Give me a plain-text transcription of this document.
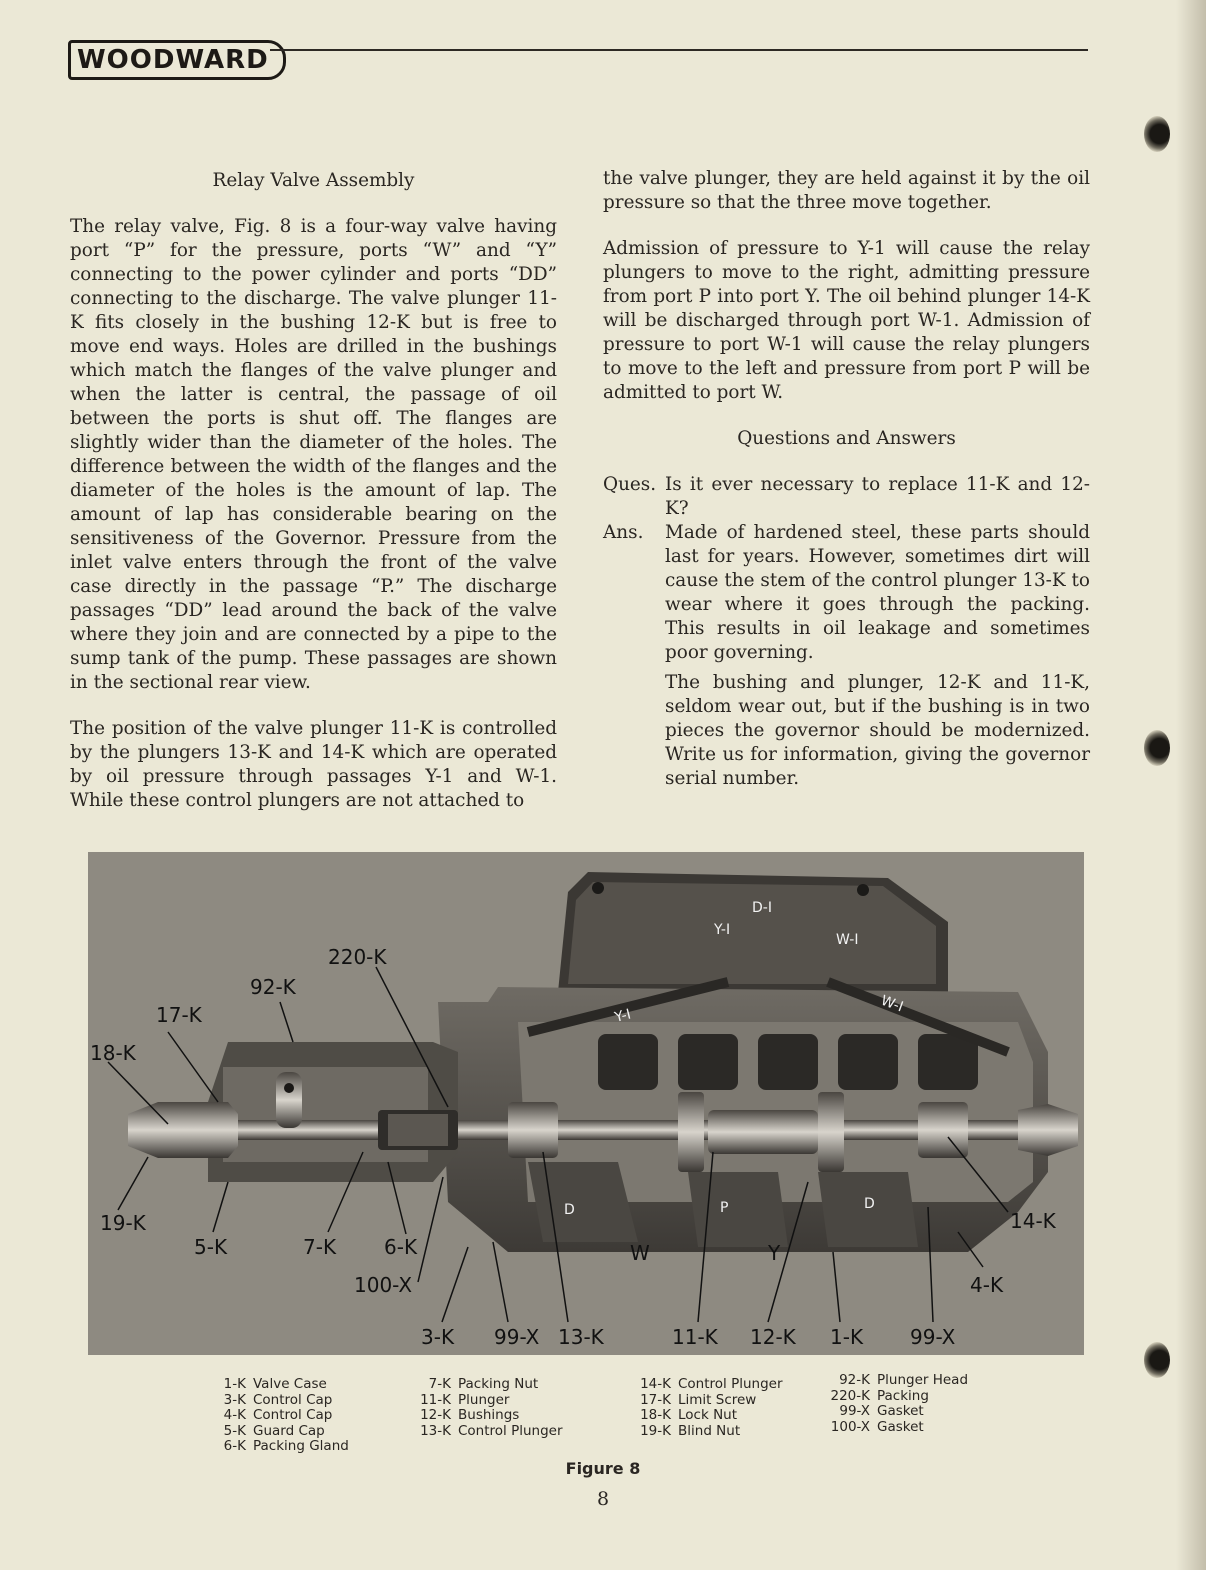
WOODWARD
Relay Valve Assembly

The relay valve, Fig. 8 is a four-way valve having port “P” for the pressure, ports “W” and “Y” connecting to the power cylinder and ports “DD” connecting to the discharge. The valve plunger 11-K fits closely in the bushing 12-K but is free to move end ways. Holes are drilled in the bushings which match the flanges of the valve plunger and when the latter is central, the passage of oil between the ports is shut off. The flanges are slightly wider than the diameter of the holes. The difference between the width of the flanges and the diameter of the holes is the amount of lap. The amount of lap has considerable bearing on the sensitiveness of the Governor. Pressure from the inlet valve enters through the front of the valve case directly in the passage “P.” The discharge passages “DD” lead around the back of the valve where they join and are connected by a pipe to the sump tank of the pump. These passages are shown in the sectional rear view.

The position of the valve plunger 11-K is controlled by the plungers 13-K and 14-K which are operated by oil pressure through passages Y-1 and W-1. While these control plungers are not attached to

the valve plunger, they are held against it by the oil pressure so that the three move together.

Admission of pressure to Y-1 will cause the relay plungers to move to the right, admitting pressure from port P into port Y. The oil behind plunger 14-K will be discharged through port W-1. Admission of pressure to port W-1 will cause the relay plungers to move to the left and pressure from port P will be admitted to port W.

Questions and Answers
Ques. Is it ever necessary to replace 11-K and 12-K?
Ans.	Made of hardened steel, these parts should last for years. However, sometimes dirt will cause the stem of the control plunger 13-K to wear where it goes through the packing. This results in oil leakage and sometimes poor governing.
The bushing and plunger, 12-K and 11-K, seldom wear out, but if the bushing is in two pieces the governor should be modernized. Write us for information, giving the governor serial number.
220-K
92-K
17-K
18-K
19-K
5-K	7-K 6-K
100-X
3-K 99-X 13-K	11-K 12-K 1-K 99-X
4-K
14-K
W	Y
D-I
Y-I
W-I
D	P	D
Y-I
W-I
1-K Valve Case
3-K Control Cap
4-K Control Cap
5-K Guard Cap
6-K Packing Gland
7-K Packing Nut
11-K Plunger
12-K Bushings
13-K Control Plunger
14-K Control Plunger
17-K Limit Screw
18-K Lock Nut
19-K Blind Nut
92-K Plunger Head
220-K Packing
99-X Gasket
100-X Gasket
Figure 8
8
